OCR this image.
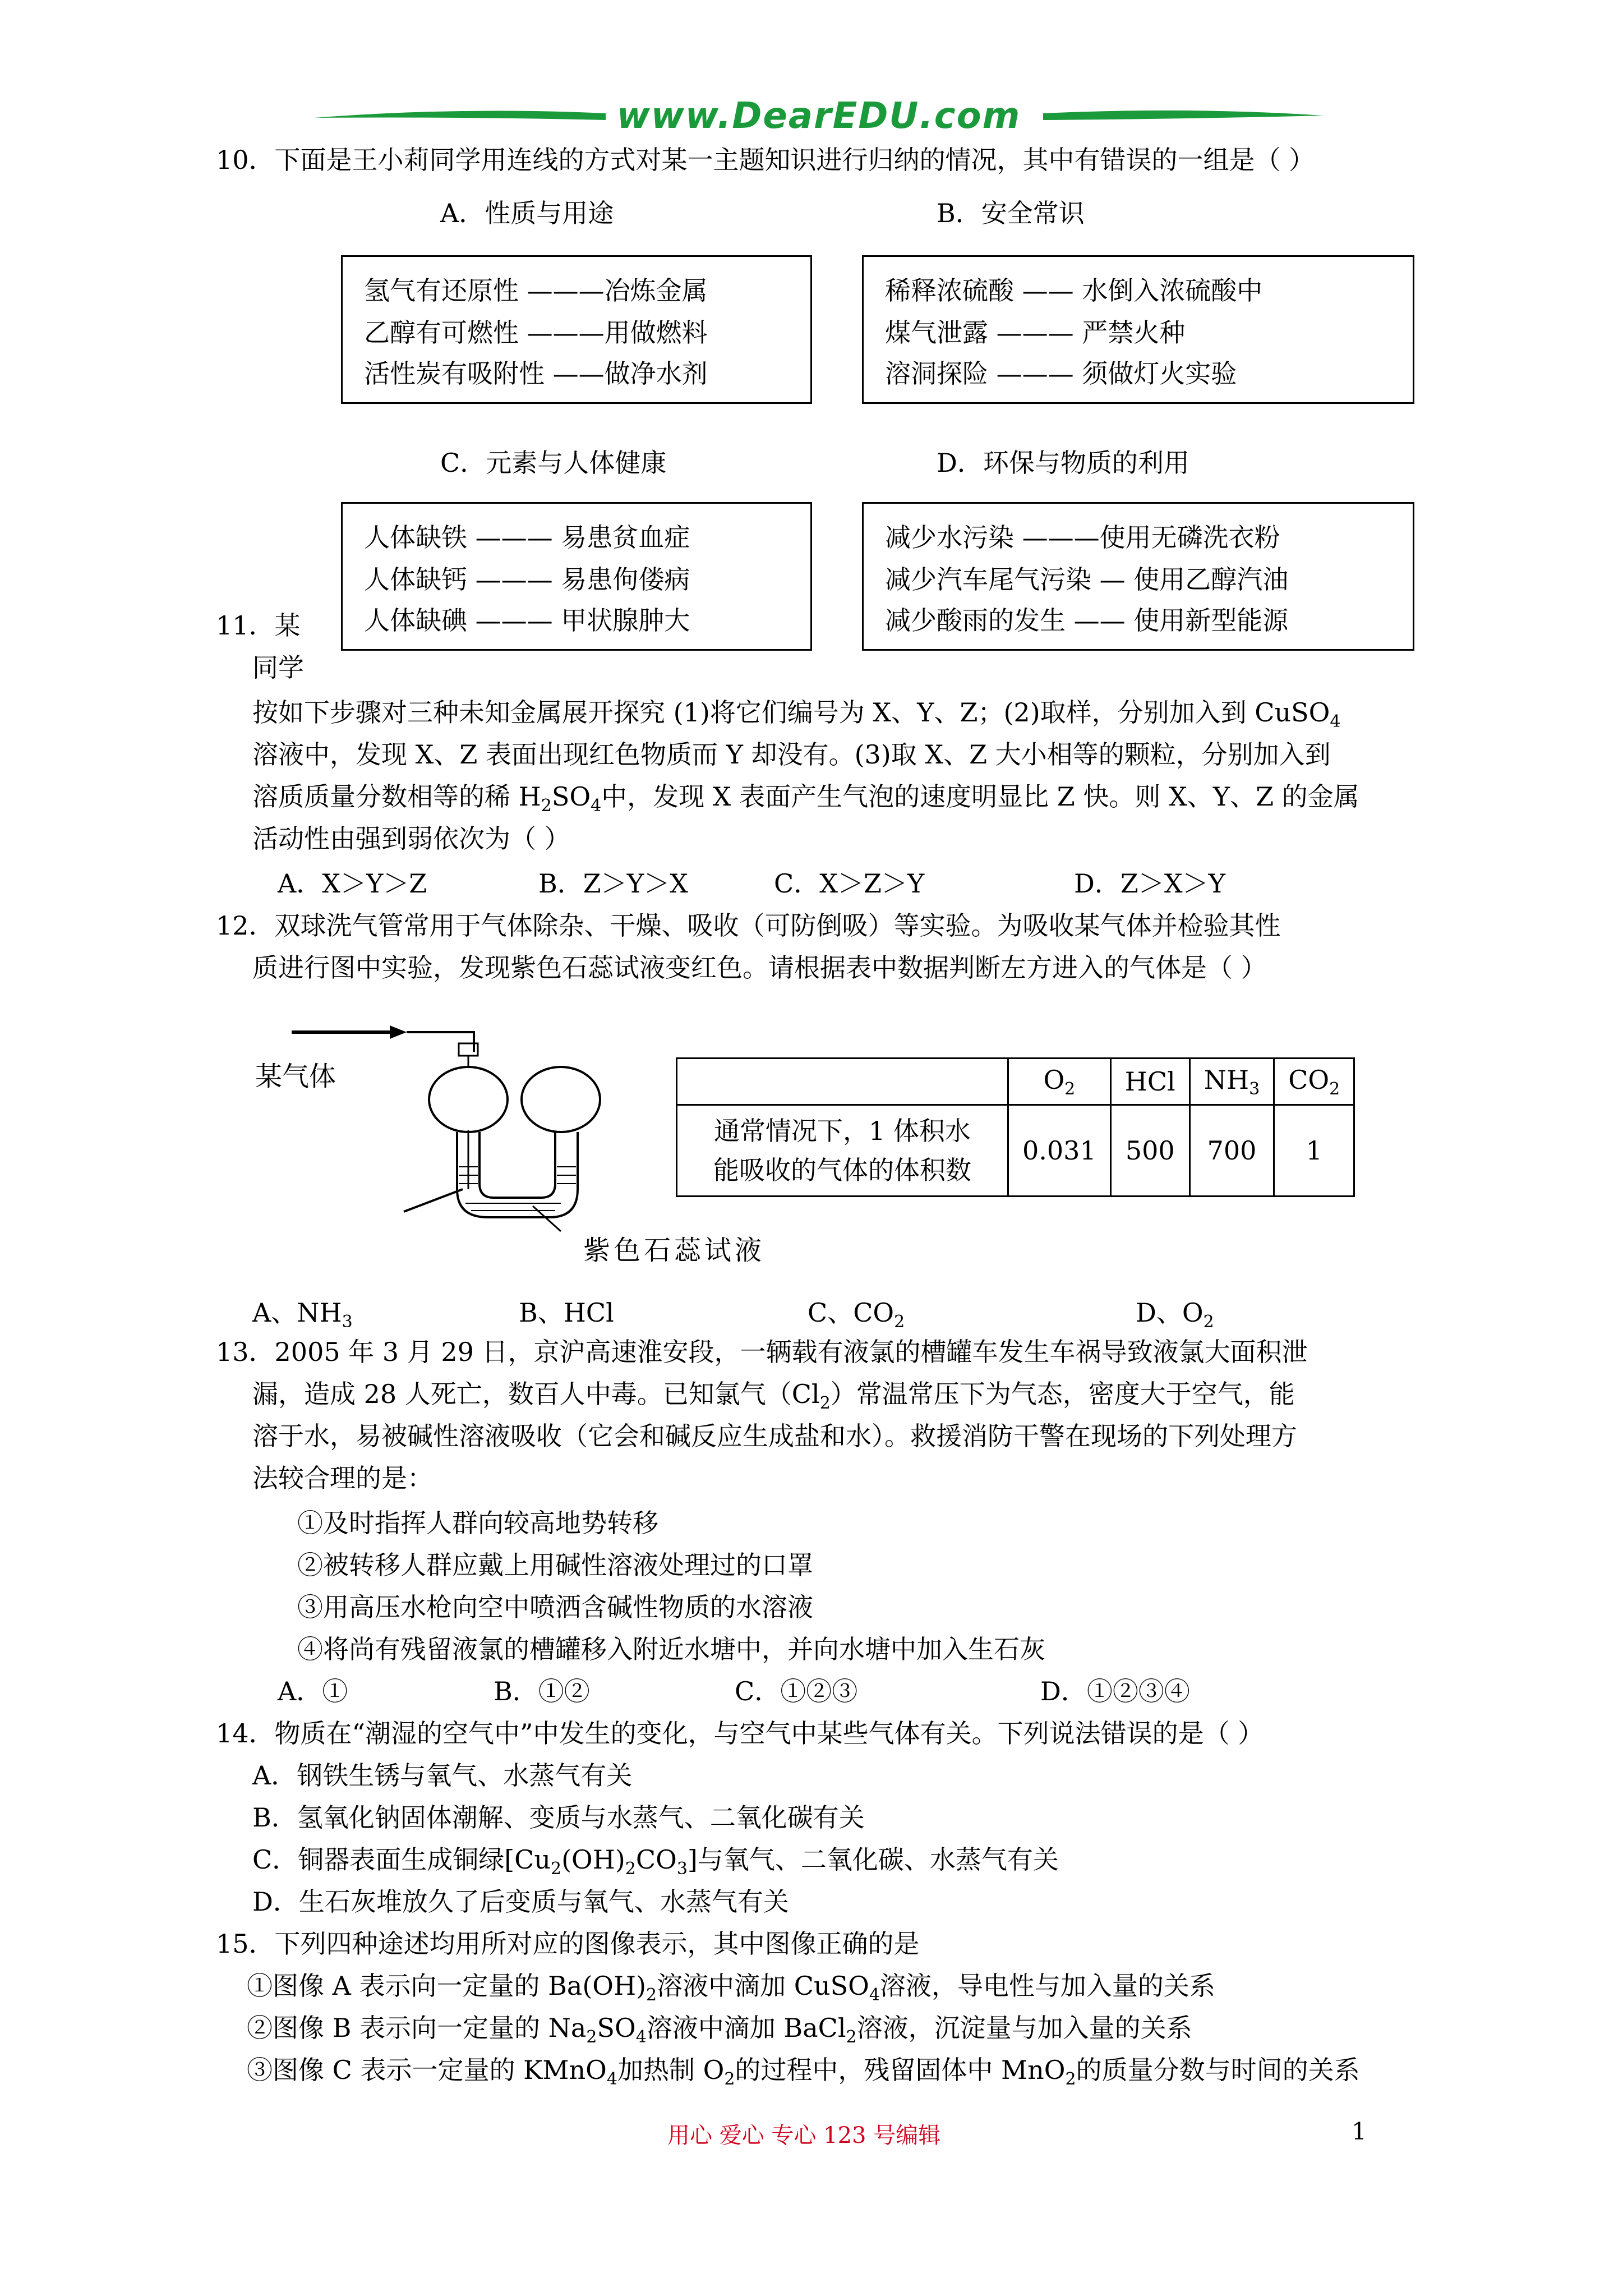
www.DearEDU.com
10．下面是王小莉同学用连线的方式对某一主题知识进行归纳的情况，其中有错误的一组是（ ）
A．性质与用途	B．安全常识
氢气有还原性 ———冶炼金属
乙醇有可燃性 ———用做燃料
活性炭有吸附性 ——做净水剂
稀释浓硫酸 —— 水倒入浓硫酸中
煤气泄露 ——— 严禁火种
溶洞探险 ——— 须做灯火实验
C．元素与人体健康	D．环保与物质的利用
人体缺铁 ——— 易患贫血症
人体缺钙 ——— 易患佝偻病
人体缺碘 ——— 甲状腺肿大
减少水污染 ———使用无磷洗衣粉
减少汽车尾气污染 — 使用乙醇汽油
减少酸雨的发生 —— 使用新型能源
11．某
同学
按如下步骤对三种未知金属展开探究 (1)将它们编号为 X、Y、Z；(2)取样，分别加入到 CuSO$_4$
溶液中，发现 X、Z 表面出现红色物质而 Y 却没有。(3)取 X、Z 大小相等的颗粒，分别加入到
溶质质量分数相等的稀 $H_2SO_4$中，发现 X 表面产生气泡的速度明显比 Z 快。则 X、Y、Z 的金属
活动性由强到弱依次为（ ）
A．X＞Y＞Z	B．Z＞Y＞X	C．X＞Z＞Y	D．Z＞X＞Y
12．双球洗气管常用于气体除杂、干燥、吸收（可防倒吸）等实验。为吸收某气体并检验其性
质进行图中实验，发现紫色石蕊试液变红色。请根据表中数据判断左方进入的气体是（ ）
某气体
紫色石蕊试液
	$O_2$	HCl	$NH_3$	$CO_2$
通常情况下，1 体积水
能吸收的气体的体积数	0.031	500	700	1
A、$NH_3$	B、HCl	C、$CO_2$	D、$O_2$
13．2005 年 3 月 29 日，京沪高速淮安段，一辆载有液氯的槽罐车发生车祸导致液氯大面积泄
漏，造成 28 人死亡，数百人中毒。已知氯气$(Cl_2)$常温常压下为气态，密度大于空气，能
溶于水，易被碱性溶液吸收（它会和碱反应生成盐和水）。救援消防干警在现场的下列处理方
法较合理的是：
①及时指挥人群向较高地势转移
②被转移人群应戴上用碱性溶液处理过的口罩
③用高压水枪向空中喷洒含碱性物质的水溶液
④将尚有残留液氯的槽罐移入附近水塘中，并向水塘中加入生石灰
A．①	B．①②	C．①②③	D．①②③④
14．物质在“潮湿的空气中”中发生的变化，与空气中某些气体有关。下列说法错误的是（ ）
A．钢铁生锈与氧气、水蒸气有关
B．氢氧化钠固体潮解、变质与水蒸气、二氧化碳有关
C．铜器表面生成铜绿$[Cu_2(OH)_2CO_3]$与氧气、二氧化碳、水蒸气有关
D．生石灰堆放久了后变质与氧气、水蒸气有关
15．下列四种途述均用所对应的图像表示，其中图像正确的是
①图像 A 表示向一定量的 $Ba(OH)_2$溶液中滴加 CuSO$_4$溶液，导电性与加入量的关系
②图像 B 表示向一定量的 $Na_2SO_4$溶液中滴加 BaCl$_2$溶液，沉淀量与加入量的关系
③图像 C 表示一定量的 KMnO$_4$加热制 $O_2$的过程中，残留固体中 MnO$_2$的质量分数与时间的关系
用心 爱心 专心 123 号编辑	1
